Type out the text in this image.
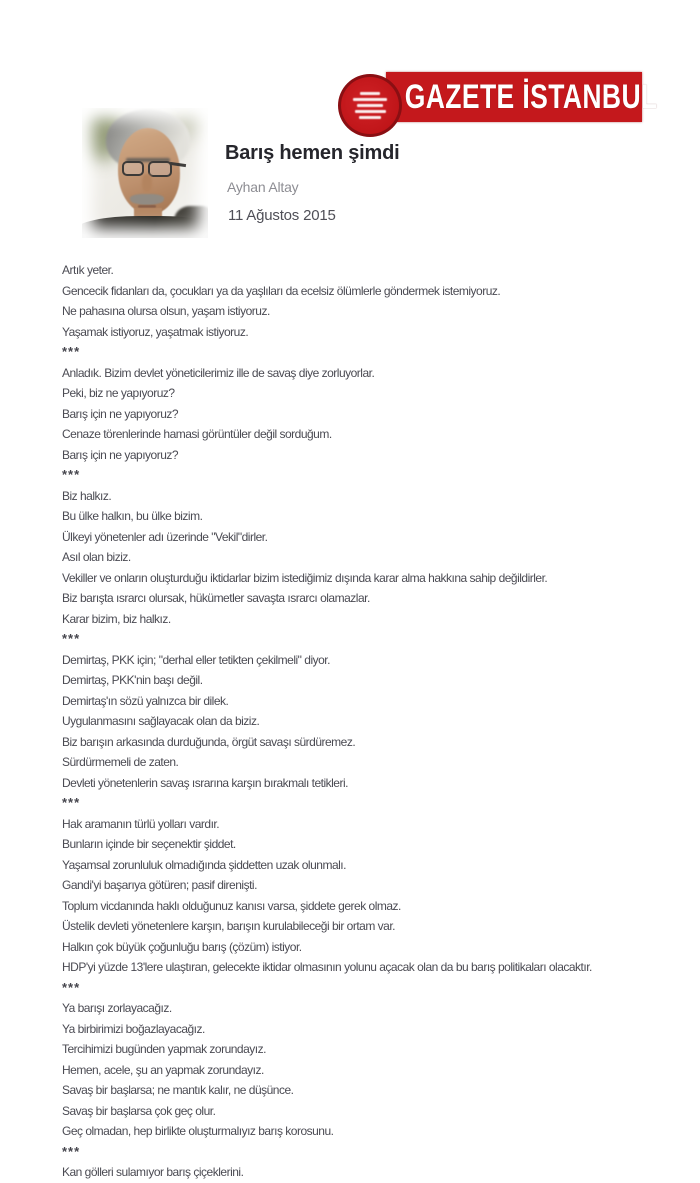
GAZETE İSTANBUL
Barış hemen şimdi
Ayhan Altay
11 Ağustos 2015
Artık yeter.
Gencecik fidanları da, çocukları ya da yaşlıları da ecelsiz ölümlerle göndermek istemiyoruz.
Ne pahasına olursa olsun, yaşam istiyoruz.
Yaşamak istiyoruz, yaşatmak istiyoruz.
***
Anladık. Bizim devlet yöneticilerimiz ille de savaş diye zorluyorlar.
Peki, biz ne yapıyoruz?
Barış için ne yapıyoruz?
Cenaze törenlerinde hamasi görüntüler değil sorduğum.
Barış için ne yapıyoruz?
***
Biz halkız.
Bu ülke halkın, bu ülke bizim.
Ülkeyi yönetenler adı üzerinde "Vekil"dirler.
Asıl olan biziz.
Vekiller ve onların oluşturduğu iktidarlar bizim istediğimiz dışında karar alma hakkına sahip değildirler.
Biz barışta ısrarcı olursak, hükümetler savaşta ısrarcı olamazlar.
Karar bizim, biz halkız.
***
Demirtaş, PKK için; "derhal eller tetikten çekilmeli" diyor.
Demirtaş, PKK'nin başı değil.
Demirtaş'ın sözü yalnızca bir dilek.
Uygulanmasını sağlayacak olan da biziz.
Biz barışın arkasında durduğunda, örgüt savaşı sürdüremez.
Sürdürmemeli de zaten.
Devleti yönetenlerin savaş ısrarına karşın bırakmalı tetikleri.
***
Hak aramanın türlü yolları vardır.
Bunların içinde bir seçenektir şiddet.
Yaşamsal zorunluluk olmadığında şiddetten uzak olunmalı.
Gandi'yi başarıya götüren; pasif direnişti.
Toplum vicdanında haklı olduğunuz kanısı varsa, şiddete gerek olmaz.
Üstelik devleti yönetenlere karşın, barışın kurulabileceği bir ortam var.
Halkın çok büyük çoğunluğu barış (çözüm) istiyor.
HDP'yi yüzde 13'lere ulaştıran, gelecekte iktidar olmasının yolunu açacak olan da bu barış politikaları olacaktır.
***
Ya barışı zorlayacağız.
Ya birbirimizi boğazlayacağız.
Tercihimizi bugünden yapmak zorundayız.
Hemen, acele, şu an yapmak zorundayız.
Savaş bir başlarsa; ne mantık kalır, ne düşünce.
Savaş bir başlarsa çok geç olur.
Geç olmadan, hep birlikte oluşturmalıyız barış korosunu.
***
Kan gölleri sulamıyor barış çiçeklerini.
